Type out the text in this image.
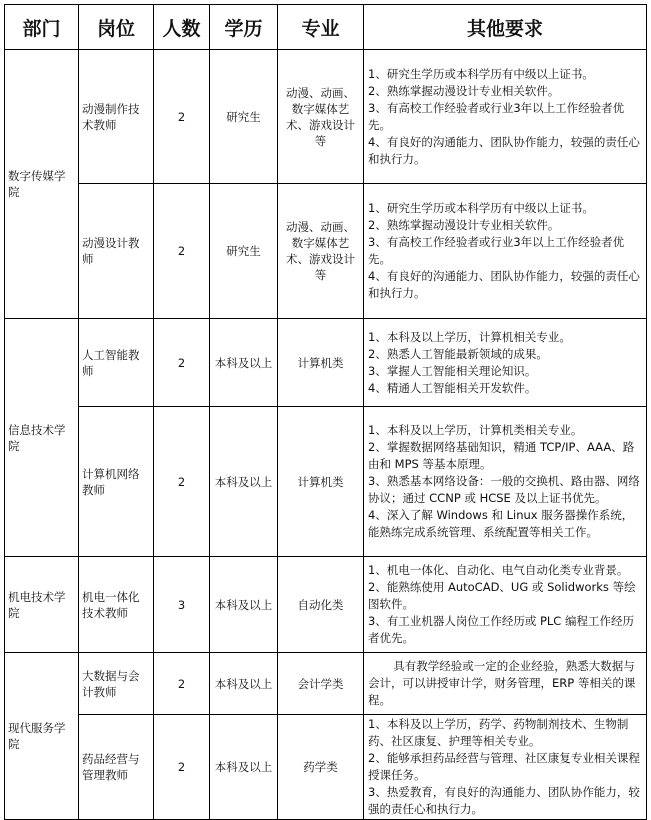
部门	岗位	人数	学历	专业	其他要求
数字传媒学院	动漫制作技术教师	2	研究生	动漫、动画、数字媒体艺术、游戏设计等	1、研究生学历或本科学历有中级以上证书。
2、熟练掌握动漫设计专业相关软件。
3、有高校工作经验者或行业3年以上工作经验者优先。
4、有良好的沟通能力、团队协作能力，较强的责任心和执行力。

	动漫设计教师	2	研究生	动漫、动画、数字媒体艺术、游戏设计等	1、研究生学历或本科学历有中级以上证书。
2、熟练掌握动漫设计专业相关软件。
3、有高校工作经验者或行业3年以上工作经验者优先。
4、有良好的沟通能力、团队协作能力，较强的责任心和执行力。

信息技术学院	人工智能教师	2	本科及以上	计算机类	1、本科及以上学历，计算机相关专业。
2、熟悉人工智能最新领域的成果。
3、掌握人工智能相关理论知识。
4、精通人工智能相关开发软件。

	计算机网络教师	2	本科及以上	计算机类	1、本科及以上学历，计算机类相关专业。
2、掌握数据网络基础知识，精通 TCP/IP、AAA、路由和 MPS 等基本原理。
3、熟悉基本网络设备：一般的交换机、路由器、网络协议；通过 CCNP 或 HCSE 及以上证书优先。
4、深入了解 Windows 和 Linux 服务器操作系统，能熟练完成系统管理、系统配置等相关工作。

机电技术学院	机电一体化技术教师	3	本科及以上	自动化类	1、机电一体化、自动化、电气自动化类专业背景。
2、能熟练使用 AutoCAD、UG 或 Solidworks 等绘图软件。
3、有工业机器人岗位工作经历或 PLC 编程工作经历者优先。

现代服务学院	大数据与会计教师	2	本科及以上	会计学类	具有教学经验或一定的企业经验，熟悉大数据与会计，可以讲授审计学，财务管理，ERP 等相关的课程。

	药品经营与管理教师	2	本科及以上	药学类	1、本科及以上学历，药学、药物制剂技术、生物制药、社区康复、护理等相关专业。
2、能够承担药品经营与管理、社区康复专业相关课程授课任务。
3、热爱教育，有良好的沟通能力、团队协作能力，较强的责任心和执行力。
